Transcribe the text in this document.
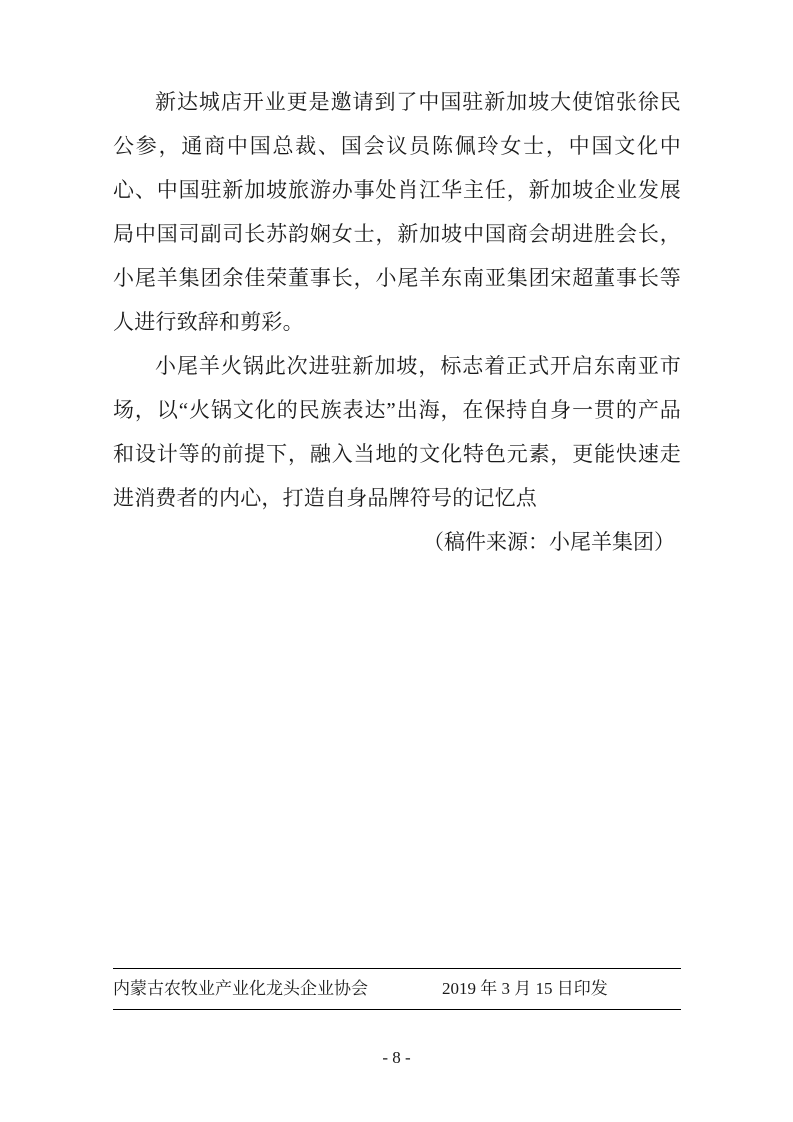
新达城店开业更是邀请到了中国驻新加坡大使馆张徐民公参，通商中国总裁、国会议员陈佩玲女士，中国文化中心、中国驻新加坡旅游办事处肖江华主任，新加坡企业发展局中国司副司长苏韵娴女士，新加坡中国商会胡进胜会长，小尾羊集团余佳荣董事长，小尾羊东南亚集团宋超董事长等人进行致辞和剪彩。

小尾羊火锅此次进驻新加坡，标志着正式开启东南亚市场，以“火锅文化的民族表达”出海，在保持自身一贯的产品和设计等的前提下，融入当地的文化特色元素，更能快速走进消费者的内心，打造自身品牌符号的记忆点

（稿件来源：小尾羊集团）

内蒙古农牧业产业化龙头企业协会	2019 年 3 月 15 日印发
- 8 -
